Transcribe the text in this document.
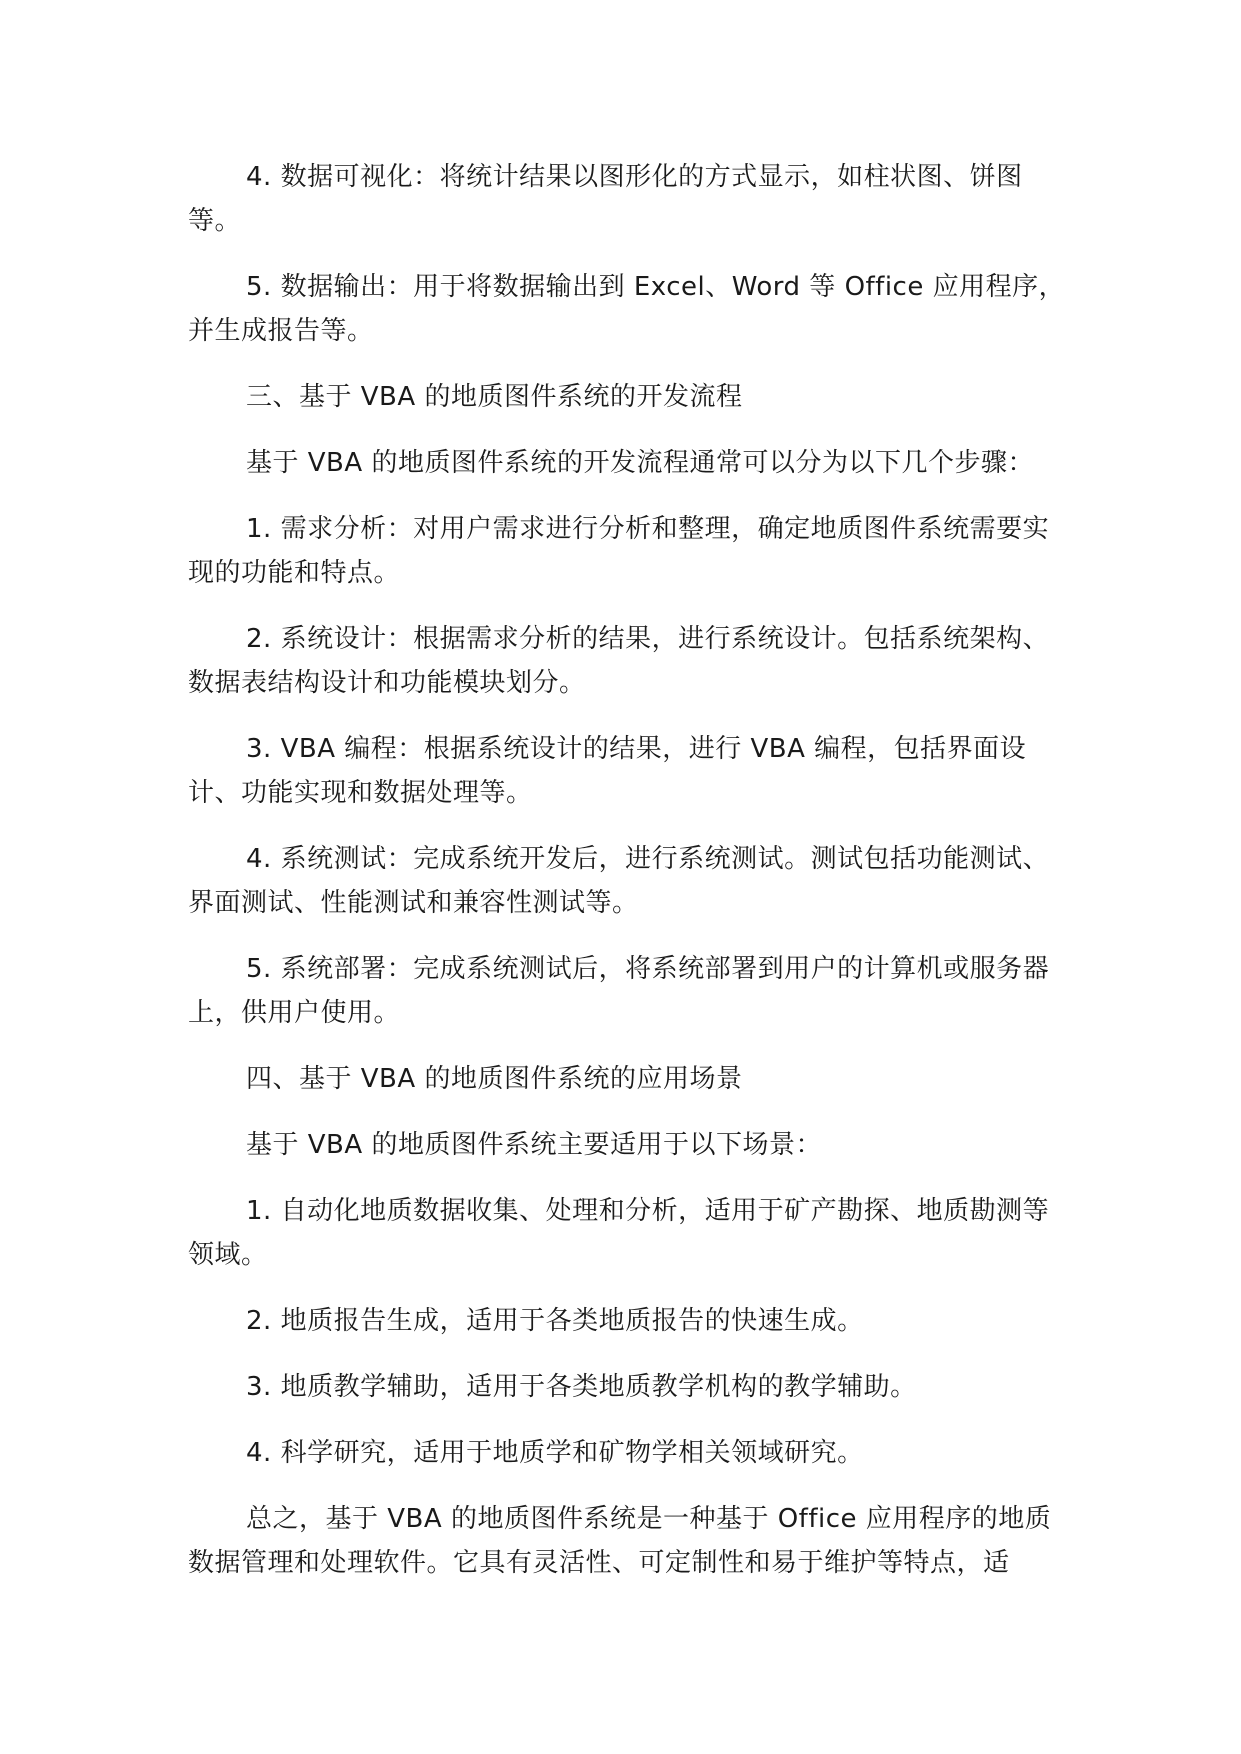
4. 数据可视化：将统计结果以图形化的方式显示，如柱状图、饼图等。

5. 数据输出：用于将数据输出到 Excel、Word 等 Office 应用程序，并生成报告等。

三、基于 VBA 的地质图件系统的开发流程

基于 VBA 的地质图件系统的开发流程通常可以分为以下几个步骤：

1. 需求分析：对用户需求进行分析和整理，确定地质图件系统需要实现的功能和特点。

2. 系统设计：根据需求分析的结果，进行系统设计。包括系统架构、数据表结构设计和功能模块划分。

3. VBA 编程：根据系统设计的结果，进行 VBA 编程，包括界面设计、功能实现和数据处理等。

4. 系统测试：完成系统开发后，进行系统测试。测试包括功能测试、界面测试、性能测试和兼容性测试等。

5. 系统部署：完成系统测试后，将系统部署到用户的计算机或服务器上，供用户使用。

四、基于 VBA 的地质图件系统的应用场景

基于 VBA 的地质图件系统主要适用于以下场景：

1. 自动化地质数据收集、处理和分析，适用于矿产勘探、地质勘测等领域。

2. 地质报告生成，适用于各类地质报告的快速生成。

3. 地质教学辅助，适用于各类地质教学机构的教学辅助。

4. 科学研究，适用于地质学和矿物学相关领域研究。

总之，基于 VBA 的地质图件系统是一种基于 Office 应用程序的地质数据管理和处理软件。它具有灵活性、可定制性和易于维护等特点，适
